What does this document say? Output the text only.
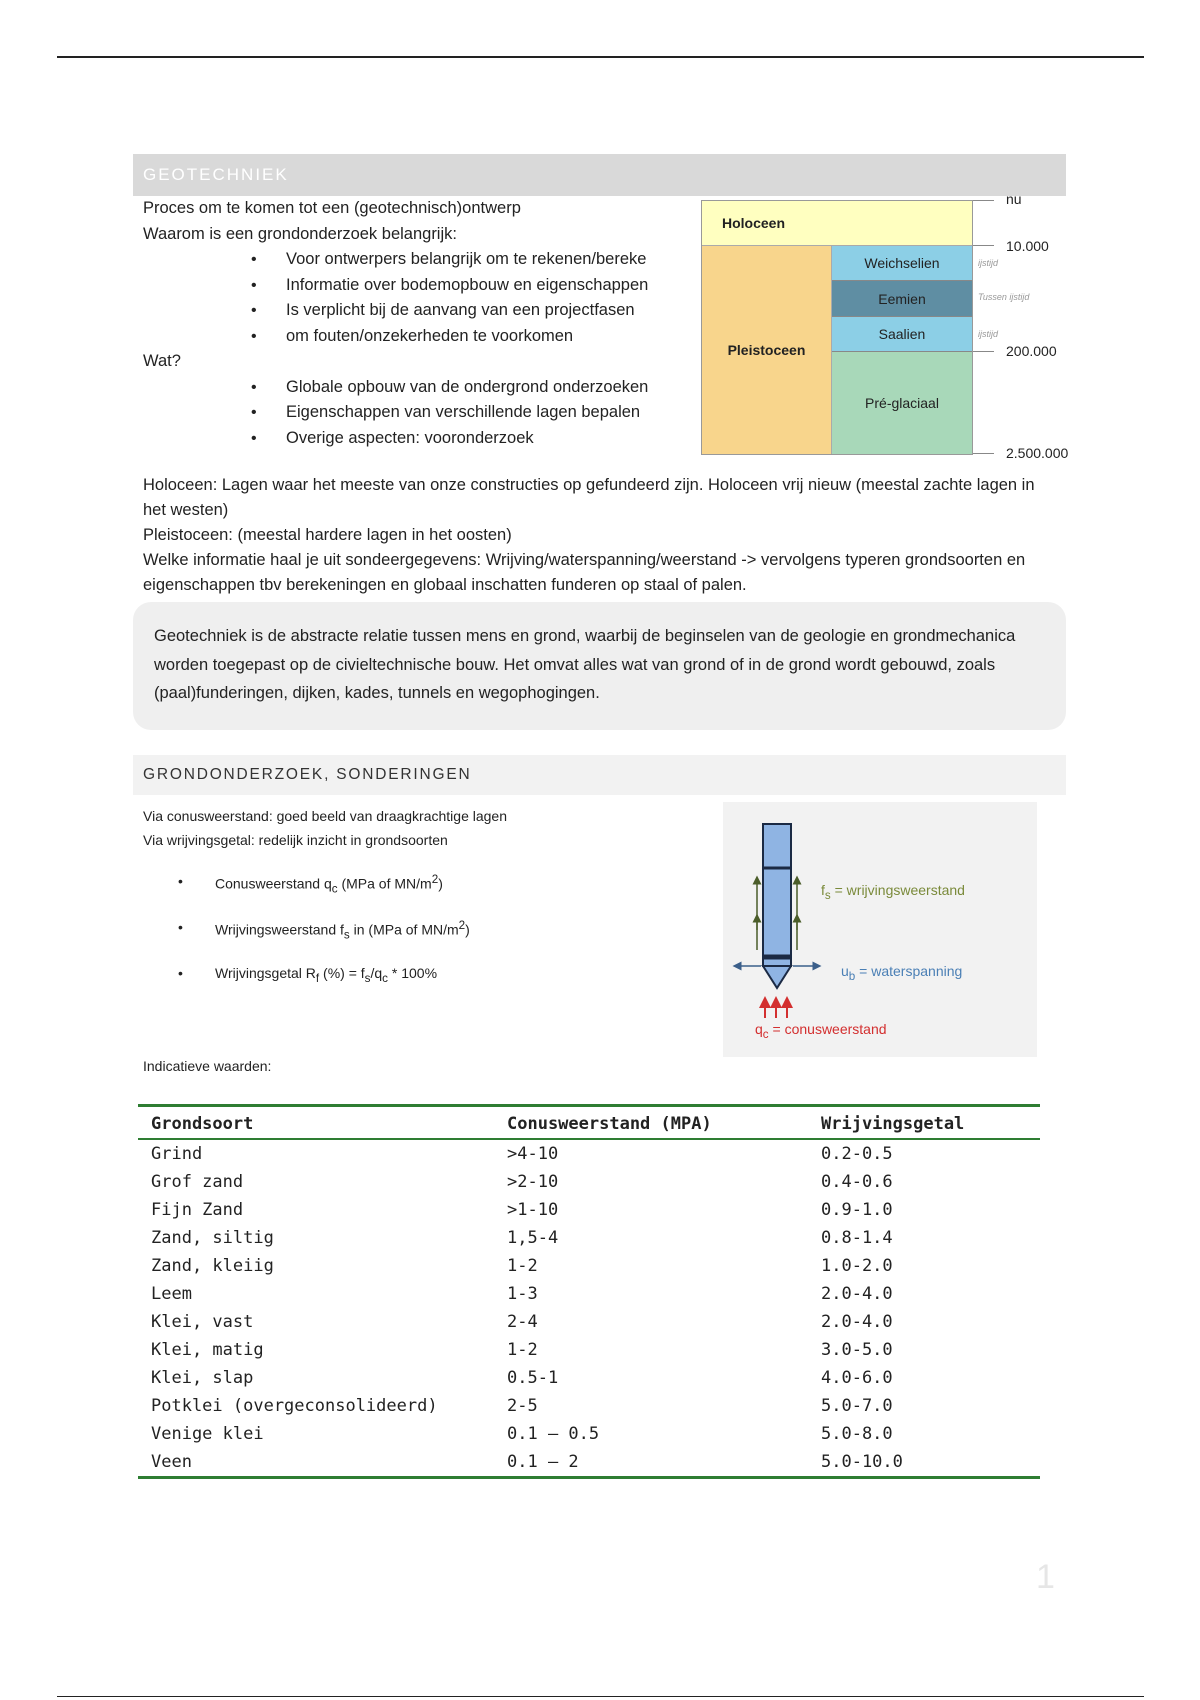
GEOTECHNIEK

Proces om te komen tot een (geotechnisch)ontwerp

Waarom is een grondonderzoek belangrijk:

• Voor ontwerpers belangrijk om te rekenen/bereke
• Informatie over bodemopbouw en eigenschappen
• Is verplicht bij de aanvang van een projectfasen
• om fouten/onzekerheden te voorkomen

Wat?

• Globale opbouw van de ondergrond onderzoeken
• Eigenschappen van verschillende lagen bepalen
• Overige aspecten: vooronderzoek
Holoceen
Pleistoceen
Weichselien
Eemien
Saalien
Pré-glaciaal
nu
10.000
200.000
2.500.000
ijstijd
Tussen ijstijd
ijstijd

Holoceen: Lagen waar het meeste van onze constructies op gefundeerd zijn. Holoceen vrij nieuw (meestal zachte lagen in het westen)

Pleistoceen: (meestal hardere lagen in het oosten)

Welke informatie haal je uit sondeergegevens: Wrijving/waterspanning/weerstand -> vervolgens typeren grondsoorten en eigenschappen tbv berekeningen en globaal inschatten funderen op staal of palen.

Geotechniek is de abstracte relatie tussen mens en grond, waarbij de beginselen van de geologie en grondmechanica worden toegepast op de civieltechnische bouw. Het omvat alles wat van grond of in de grond wordt gebouwd, zoals (paal)funderingen, dijken, kades, tunnels en wegophogingen.
GRONDONDERZOEK, SONDERINGEN

Via conusweerstand: goed beeld van draagkrachtige lagen

Via wrijvingsgetal: redelijk inzicht in grondsoorten

• Conusweerstand $q_c$ (MPa of $MN/m^2$)
• Wrijvingsweerstand $f_s$ in (MPa of $MN/m^2$)
• Wrijvingsgetal $R_f$ (%) = $f_s/q_c * 100\%$
$f_s$ = wrijvingsweerstand
$u_b$ = waterspanning
$q_c$ = conusweerstand
Indicatieve waarden:
Grondsoort	Conusweerstand (MPA)	Wrijvingsgetal
Grind	>4-10	0.2-0.5
Grof zand	>2-10	0.4-0.6
Fijn Zand	>1-10	0.9-1.0
Zand, siltig	1,5-4	0.8-1.4
Zand, kleiig	1-2	1.0-2.0
Leem	1-3	2.0-4.0
Klei, vast	2-4	2.0-4.0
Klei, matig	1-2	3.0-5.0
Klei, slap	0.5-1	4.0-6.0
Potklei (overgeconsolideerd)	2-5	5.0-7.0
Venige klei	0.1 – 0.5	5.0-8.0
Veen	0.1 – 2	5.0-10.0
1
